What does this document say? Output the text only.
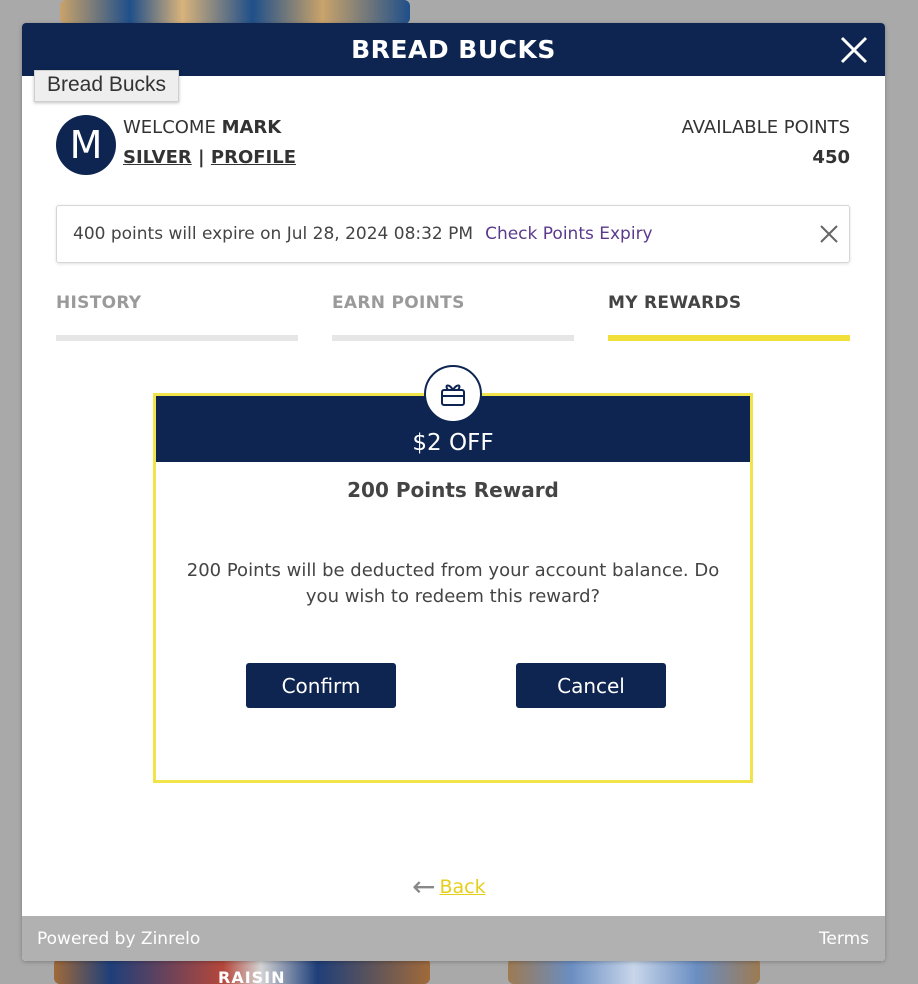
RAISIN
BREAD BUCKS
Bread Bucks
M	WELCOME MARK
SILVER | PROFILE
AVAILABLE POINTS
450
400 points will expire on Jul 28, 2024 08:32 PM Check Points Expiry
HISTORY	EARN POINTS	MY REWARDS
$2 OFF
200 Points Reward
200 Points will be deducted from your account balance. Do you wish to redeem this reward?
Confirm	Cancel
← Back
Powered by Zinrelo	Terms
